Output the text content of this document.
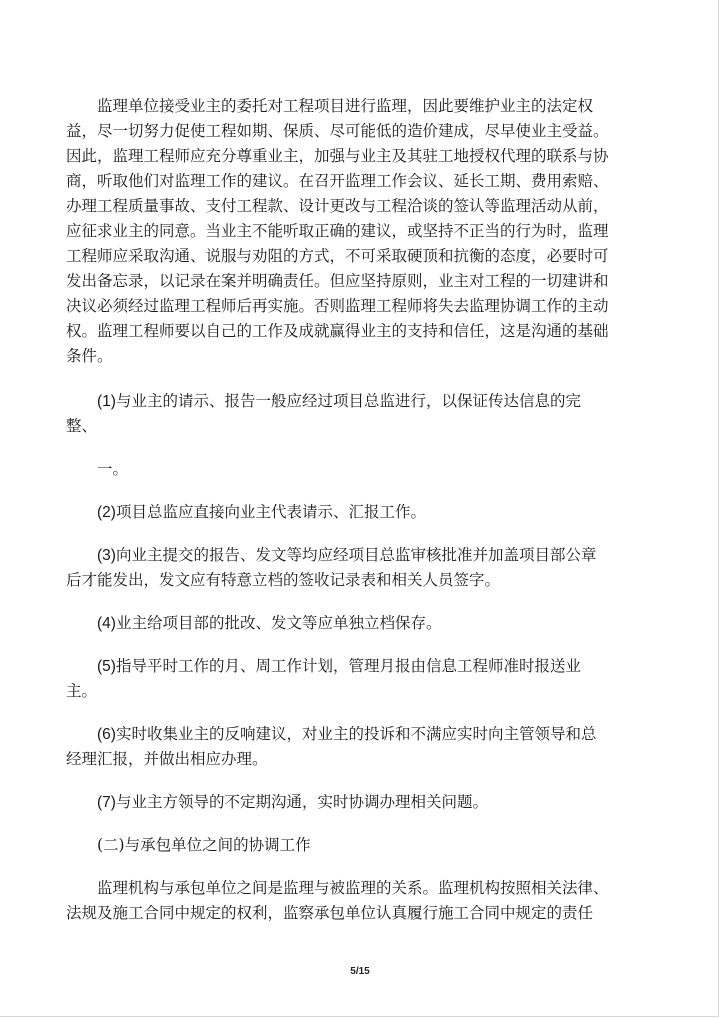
监理单位接受业主的委托对工程项目进行监理，因此要维护业主的法定权
益，尽一切努力促使工程如期、保质、尽可能低的造价建成，尽早使业主受益。
因此，监理工程师应充分尊重业主，加强与业主及其驻工地授权代理的联系与协
商，听取他们对监理工作的建议。在召开监理工作会议、延长工期、费用索赔、
办理工程质量事故、支付工程款、设计更改与工程洽谈的签认等监理活动从前，
应征求业主的同意。当业主不能听取正确的建议，或坚持不正当的行为时，监理
工程师应采取沟通、说服与劝阻的方式，不可采取硬顶和抗衡的态度，必要时可
发出备忘录，以记录在案并明确责任。但应坚持原则，业主对工程的一切建讲和
决议必须经过监理工程师后再实施。否则监理工程师将失去监理协调工作的主动
权。监理工程师要以自己的工作及成就赢得业主的支持和信任，这是沟通的基础
条件。
(1)与业主的请示、报告一般应经过项目总监进行，以保证传达信息的完
整、
一。
(2)项目总监应直接向业主代表请示、汇报工作。
(3)向业主提交的报告、发文等均应经项目总监审核批准并加盖项目部公章
后才能发出，发文应有特意立档的签收记录表和相关人员签字。
(4)业主给项目部的批改、发文等应单独立档保存。
(5)指导平时工作的月、周工作计划，管理月报由信息工程师准时报送业
主。
(6)实时收集业主的反响建议，对业主的投诉和不满应实时向主管领导和总
经理汇报，并做出相应办理。
(7)与业主方领导的不定期沟通，实时协调办理相关问题。
(二)与承包单位之间的协调工作
监理机构与承包单位之间是监理与被监理的关系。监理机构按照相关法律、
法规及施工合同中规定的权利，监察承包单位认真履行施工合同中规定的责任
5/15
